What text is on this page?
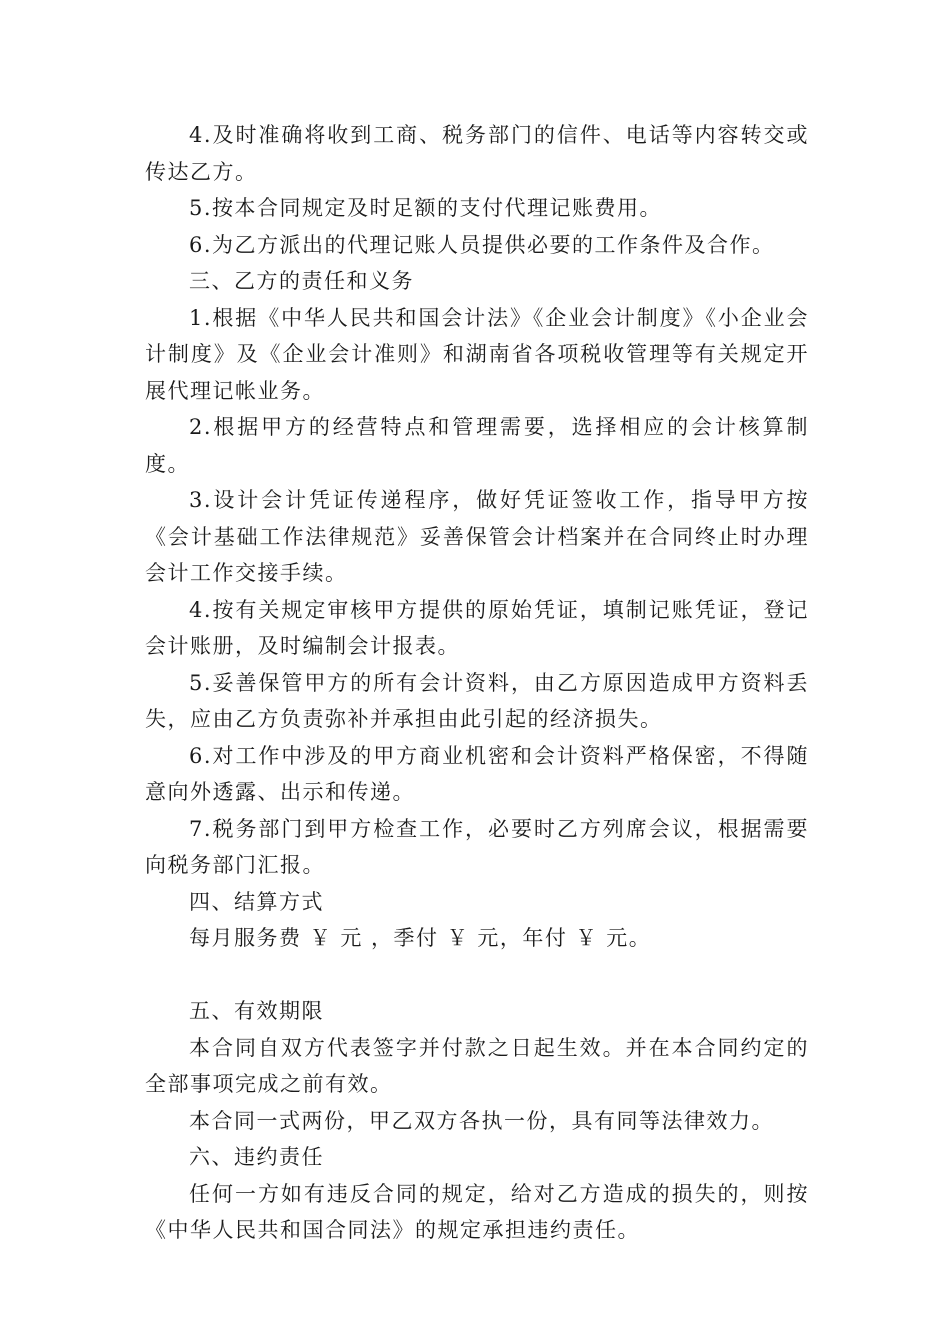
4.及时准确将收到工商、税务部门的信件、电话等内容转交或传达乙方。

5.按本合同规定及时足额的支付代理记账费用。

6.为乙方派出的代理记账人员提供必要的工作条件及合作。

三、乙方的责任和义务

1.根据《中华人民共和国会计法》《企业会计制度》《小企业会计制度》及《企业会计准则》和湖南省各项税收管理等有关规定开展代理记帐业务。

2.根据甲方的经营特点和管理需要，选择相应的会计核算制度。

3.设计会计凭证传递程序，做好凭证签收工作，指导甲方按《会计基础工作法律规范》妥善保管会计档案并在合同终止时办理会计工作交接手续。

4.按有关规定审核甲方提供的原始凭证，填制记账凭证，登记会计账册，及时编制会计报表。

5.妥善保管甲方的所有会计资料，由乙方原因造成甲方资料丢失，应由乙方负责弥补并承担由此引起的经济损失。

6.对工作中涉及的甲方商业机密和会计资料严格保密，不得随意向外透露、出示和传递。

7.税务部门到甲方检查工作，必要时乙方列席会议，根据需要向税务部门汇报。

四、结算方式

每月服务费 ￥ 元 ，季付 ￥ 元，年付 ￥ 元。

五、有效期限

本合同自双方代表签字并付款之日起生效。并在本合同约定的全部事项完成之前有效。

本合同一式两份，甲乙双方各执一份，具有同等法律效力。

六、违约责任

任何一方如有违反合同的规定，给对乙方造成的损失的，则按《中华人民共和国合同法》的规定承担违约责任。
